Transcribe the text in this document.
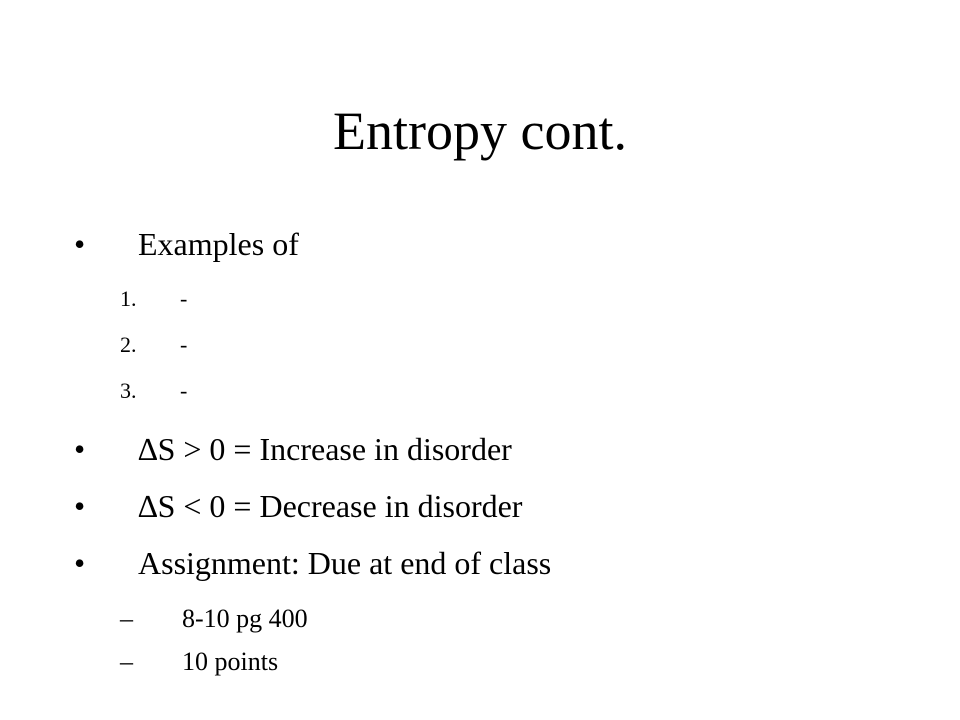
Entropy cont.
• Examples of
1. -
2. -
3. -
• ∆S > 0 = Increase in disorder
• ∆S < 0 = Decrease in disorder
• Assignment: Due at end of class
– 8-10 pg 400
– 10 points
